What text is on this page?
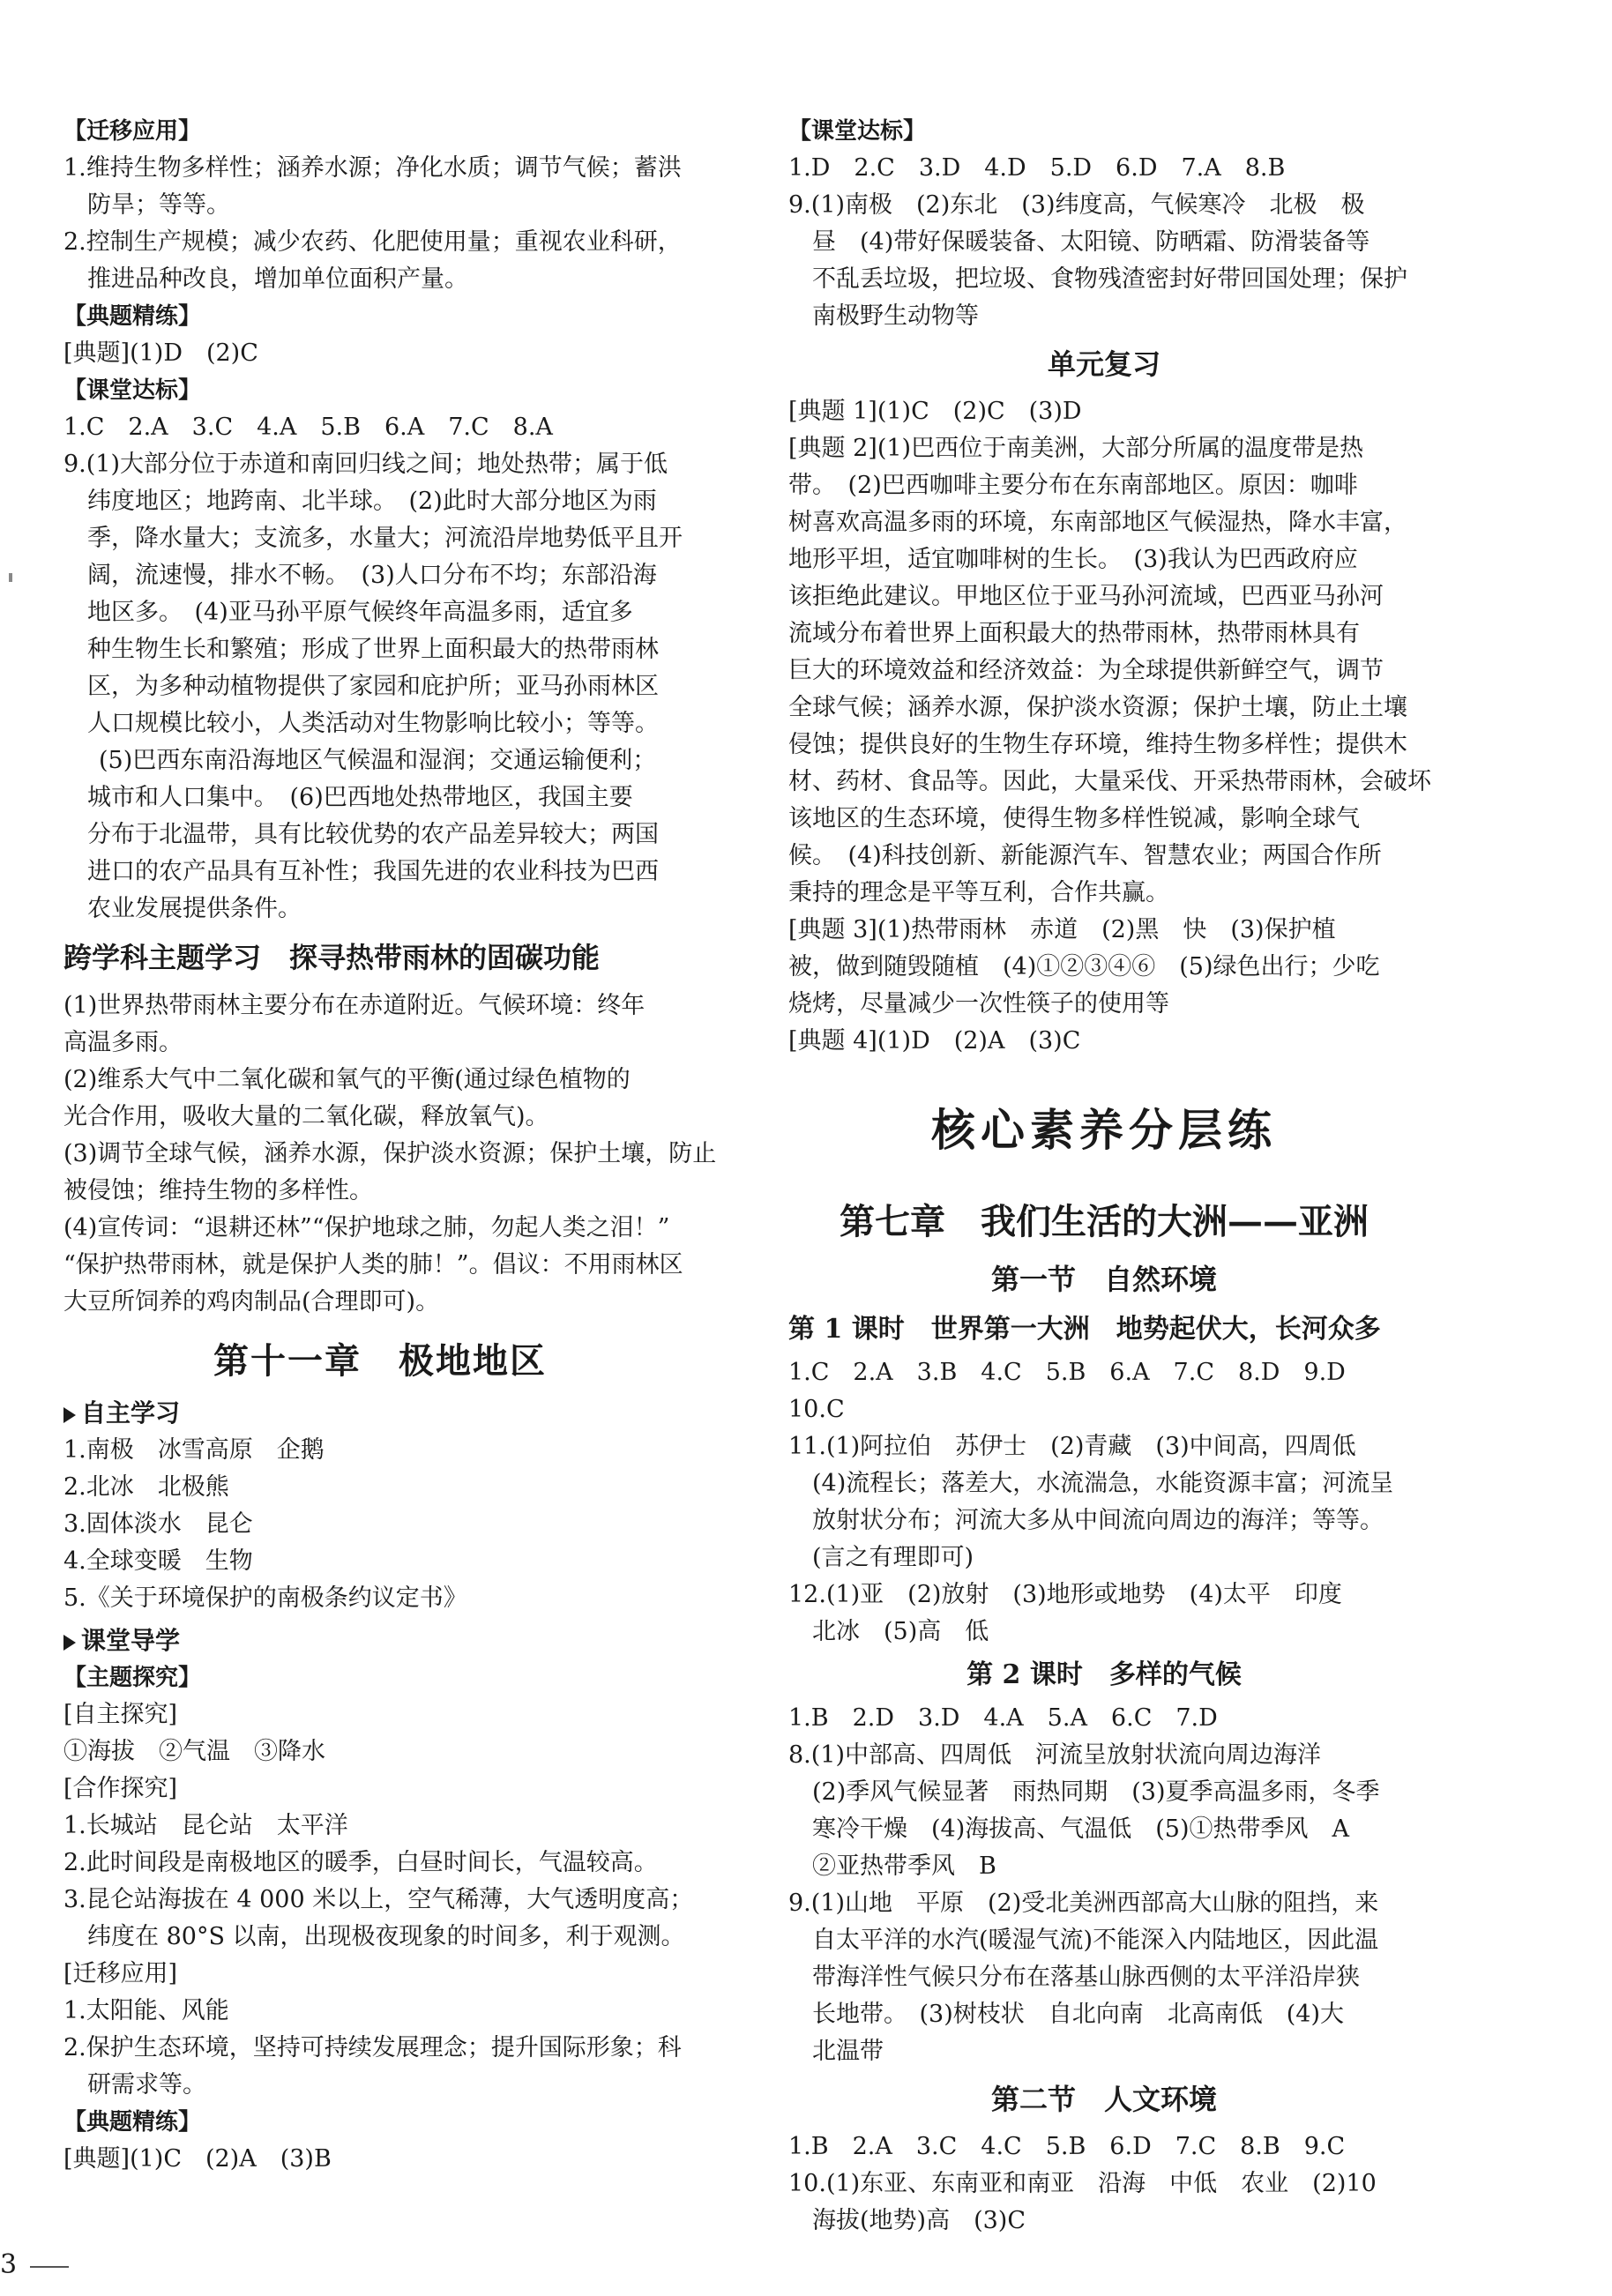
【迁移应用】
1.维持生物多样性；涵养水源；净化水质；调节气候；蓄洪
防旱；等等。
2.控制生产规模；减少农药、化肥使用量；重视农业科研，
推进品种改良，增加单位面积产量。
【典题精练】
[典题](1)D　(2)C
【课堂达标】
1.C　2.A　3.C　4.A　5.B　6.A　7.C　8.A
9.(1)大部分位于赤道和南回归线之间；地处热带；属于低
纬度地区；地跨南、北半球。　(2)此时大部分地区为雨
季，降水量大；支流多，水量大；河流沿岸地势低平且开
阔，流速慢，排水不畅。　(3)人口分布不均；东部沿海
地区多。　(4)亚马孙平原气候终年高温多雨，适宜多
种生物生长和繁殖；形成了世界上面积最大的热带雨林
区，为多种动植物提供了家园和庇护所；亚马孙雨林区
人口规模比较小，人类活动对生物影响比较小；等等。
(5)巴西东南沿海地区气候温和湿润；交通运输便利；
城市和人口集中。　(6)巴西地处热带地区，我国主要
分布于北温带，具有比较优势的农产品差异较大；两国
进口的农产品具有互补性；我国先进的农业科技为巴西
农业发展提供条件。
跨学科主题学习　探寻热带雨林的固碳功能
(1)世界热带雨林主要分布在赤道附近。气候环境：终年
高温多雨。
(2)维系大气中二氧化碳和氧气的平衡(通过绿色植物的
光合作用，吸收大量的二氧化碳，释放氧气)。
(3)调节全球气候，涵养水源，保护淡水资源；保护土壤，防止
被侵蚀；维持生物的多样性。
(4)宣传词：“退耕还林”“保护地球之肺，勿起人类之泪！”
“保护热带雨林，就是保护人类的肺！”。倡议：不用雨林区
大豆所饲养的鸡肉制品(合理即可)。
第十一章　极地地区
自主学习
1.南极　冰雪高原　企鹅
2.北冰　北极熊
3.固体淡水　昆仑
4.全球变暖　生物
5.《关于环境保护的南极条约议定书》
课堂导学
【主题探究】
[自主探究]
①海拔　②气温　③降水
[合作探究]
1.长城站　昆仑站　太平洋
2.此时间段是南极地区的暖季，白昼时间长，气温较高。
3.昆仑站海拔在 4 000 米以上，空气稀薄，大气透明度高；
纬度在 80°S 以南，出现极夜现象的时间多，利于观测。
[迁移应用]
1.太阳能、风能
2.保护生态环境，坚持可持续发展理念；提升国际形象；科
研需求等。
【典题精练】
[典题](1)C　(2)A　(3)B
【课堂达标】
1.D　2.C　3.D　4.D　5.D　6.D　7.A　8.B
9.(1)南极　(2)东北　(3)纬度高，气候寒冷　北极　极
昼　(4)带好保暖装备、太阳镜、防晒霜、防滑装备等
不乱丢垃圾，把垃圾、食物残渣密封好带回国处理；保护
南极野生动物等
单元复习
[典题 1](1)C　(2)C　(3)D
[典题 2](1)巴西位于南美洲，大部分所属的温度带是热
带。　(2)巴西咖啡主要分布在东南部地区。原因：咖啡
树喜欢高温多雨的环境，东南部地区气候湿热，降水丰富，
地形平坦，适宜咖啡树的生长。　(3)我认为巴西政府应
该拒绝此建议。甲地区位于亚马孙河流域，巴西亚马孙河
流域分布着世界上面积最大的热带雨林，热带雨林具有
巨大的环境效益和经济效益：为全球提供新鲜空气，调节
全球气候；涵养水源，保护淡水资源；保护土壤，防止土壤
侵蚀；提供良好的生物生存环境，维持生物多样性；提供木
材、药材、食品等。因此，大量采伐、开采热带雨林，会破坏
该地区的生态环境，使得生物多样性锐减，影响全球气
候。　(4)科技创新、新能源汽车、智慧农业；两国合作所
秉持的理念是平等互利，合作共赢。
[典题 3](1)热带雨林　赤道　(2)黑　快　(3)保护植
被，做到随毁随植　(4)①②③④⑥　(5)绿色出行；少吃
烧烤，尽量减少一次性筷子的使用等
[典题 4](1)D　(2)A　(3)C
核心素养分层练
第七章　我们生活的大洲——亚洲
第一节　自然环境
第 1 课时　世界第一大洲　地势起伏大，长河众多
1.C　2.A　3.B　4.C　5.B　6.A　7.C　8.D　9.D
10.C
11.(1)阿拉伯　苏伊士　(2)青藏　(3)中间高，四周低
(4)流程长；落差大，水流湍急，水能资源丰富；河流呈
放射状分布；河流大多从中间流向周边的海洋；等等。
(言之有理即可)
12.(1)亚　(2)放射　(3)地形或地势　(4)太平　印度
北冰　(5)高　低
第 2 课时　多样的气候
1.B　2.D　3.D　4.A　5.A　6.C　7.D
8.(1)中部高、四周低　河流呈放射状流向周边海洋
(2)季风气候显著　雨热同期　(3)夏季高温多雨，冬季
寒冷干燥　(4)海拔高、气温低　(5)①热带季风　A
②亚热带季风　B
9.(1)山地　平原　(2)受北美洲西部高大山脉的阻挡，来
自太平洋的水汽(暖湿气流)不能深入内陆地区，因此温
带海洋性气候只分布在落基山脉西侧的太平洋沿岸狭
长地带。　(3)树枝状　自北向南　北高南低　(4)大
北温带
第二节　人文环境
1.B　2.A　3.C　4.C　5.B　6.D　7.C　8.B　9.C
10.(1)东亚、东南亚和南亚　沿海　中低　农业　(2)10
海拔(地势)高　(3)C
3
